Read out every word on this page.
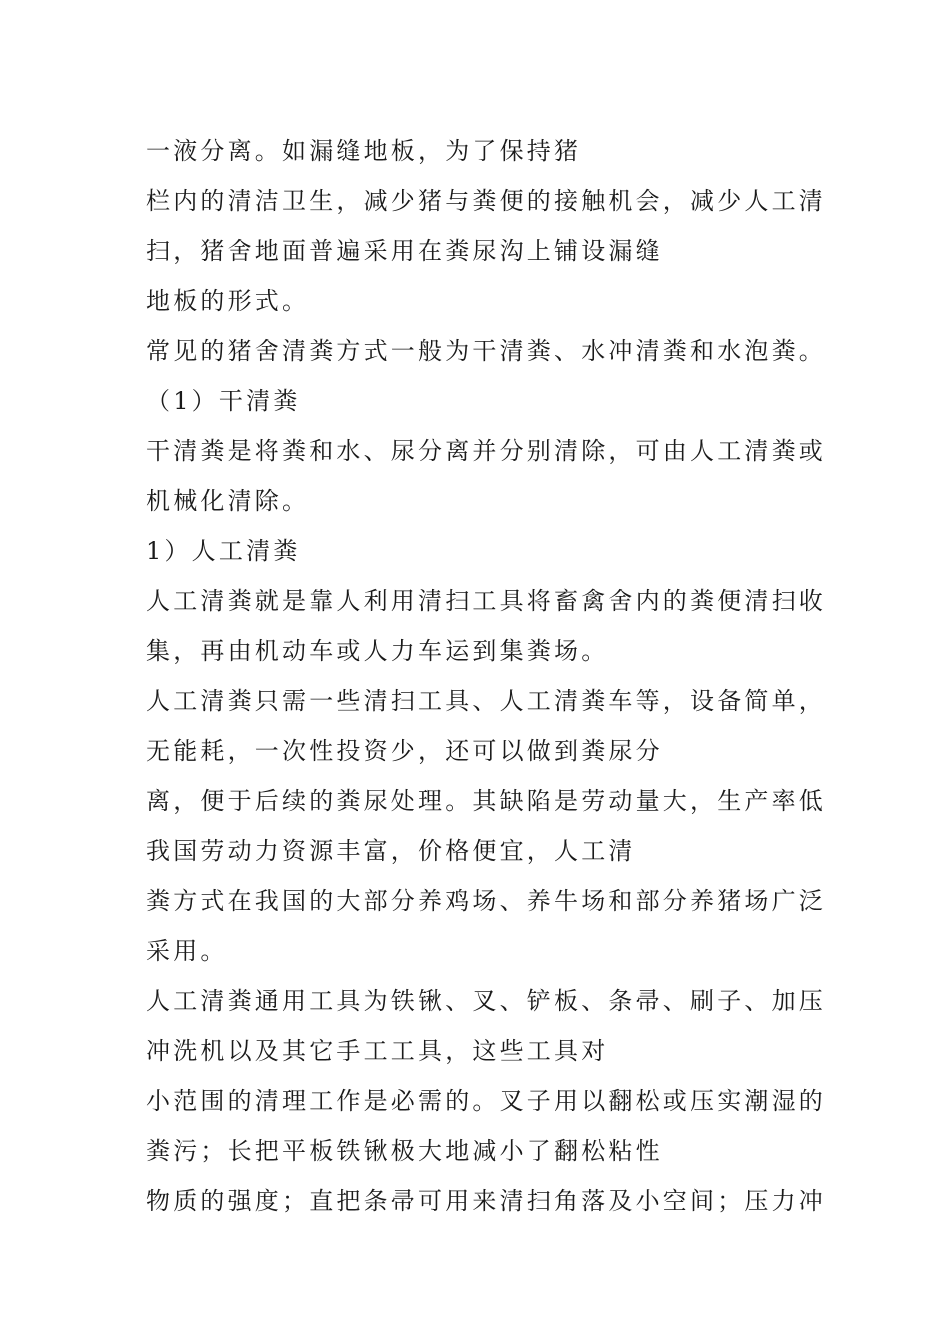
一液分离。如漏缝地板，为了保持猪
栏内的清洁卫生，减少猪与粪便的接触机会，减少人工清
扫，猪舍地面普遍采用在粪尿沟上铺设漏缝
地板的形式。
常见的猪舍清粪方式一般为干清粪、水冲清粪和水泡粪。
（1）干清粪
干清粪是将粪和水、尿分离并分别清除，可由人工清粪或
机械化清除。
1）人工清粪
人工清粪就是靠人利用清扫工具将畜禽舍内的粪便清扫收
集，再由机动车或人力车运到集粪场。
人工清粪只需一些清扫工具、人工清粪车等，设备简单，
无能耗，一次性投资少，还可以做到粪尿分
离，便于后续的粪尿处理。其缺陷是劳动量大，生产率低
我国劳动力资源丰富，价格便宜，人工清
粪方式在我国的大部分养鸡场、养牛场和部分养猪场广泛
采用。
人工清粪通用工具为铁锹、叉、铲板、条帚、刷子、加压
冲洗机以及其它手工工具，这些工具对
小范围的清理工作是必需的。叉子用以翻松或压实潮湿的
粪污；长把平板铁锹极大地减小了翻松粘性
物质的强度；直把条帚可用来清扫角落及小空间；压力冲
